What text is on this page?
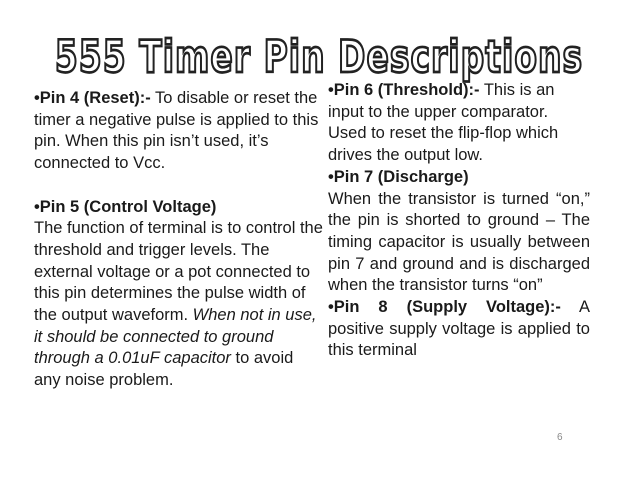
555 Timer Pin Descriptions

•Pin 4 (Reset):- To disable or reset the timer a negative pulse is applied to this pin. When this pin isn’t used, it’s connected to Vcc.

•Pin 5 (Control Voltage)
The function of terminal is to control the threshold and trigger levels. The external voltage or a pot connected to this pin determines the pulse width of the output waveform. When not in use, it should be connected to ground through a 0.01uF capacitor to avoid any noise problem.

•Pin 6 (Threshold):- This is an input to the upper comparator. Used to reset the flip-flop which drives the output low.

•Pin 7 (Discharge)
When the transistor is turned “on,” the pin is shorted to ground – The timing capacitor is usually between pin 7 and ground and is discharged when the transistor turns “on”

•Pin 8 (Supply Voltage):- A positive supply voltage is applied to this terminal

6
